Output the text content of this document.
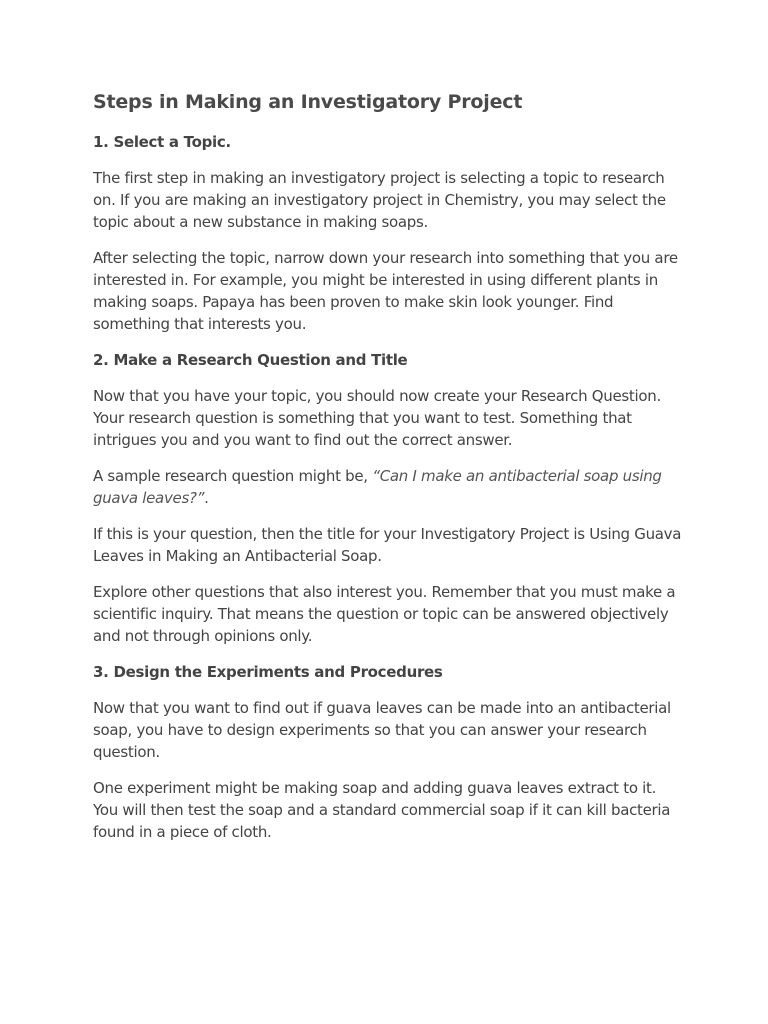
Steps in Making an Investigatory Project
1. Select a Topic.

The first step in making an investigatory project is selecting a topic to research on. If you are making an investigatory project in Chemistry, you may select the topic about a new substance in making soaps.

After selecting the topic, narrow down your research into something that you are interested in. For example, you might be interested in using different plants in making soaps. Papaya has been proven to make skin look younger. Find something that interests you.

2. Make a Research Question and Title

Now that you have your topic, you should now create your Research Question. Your research question is something that you want to test. Something that intrigues you and you want to find out the correct answer.

A sample research question might be, “Can I make an antibacterial soap using guava leaves?”.

If this is your question, then the title for your Investigatory Project is Using Guava Leaves in Making an Antibacterial Soap.

Explore other questions that also interest you. Remember that you must make a scientific inquiry. That means the question or topic can be answered objectively and not through opinions only.

3. Design the Experiments and Procedures

Now that you want to find out if guava leaves can be made into an antibacterial soap, you have to design experiments so that you can answer your research question.

One experiment might be making soap and adding guava leaves extract to it. You will then test the soap and a standard commercial soap if it can kill bacteria found in a piece of cloth.
